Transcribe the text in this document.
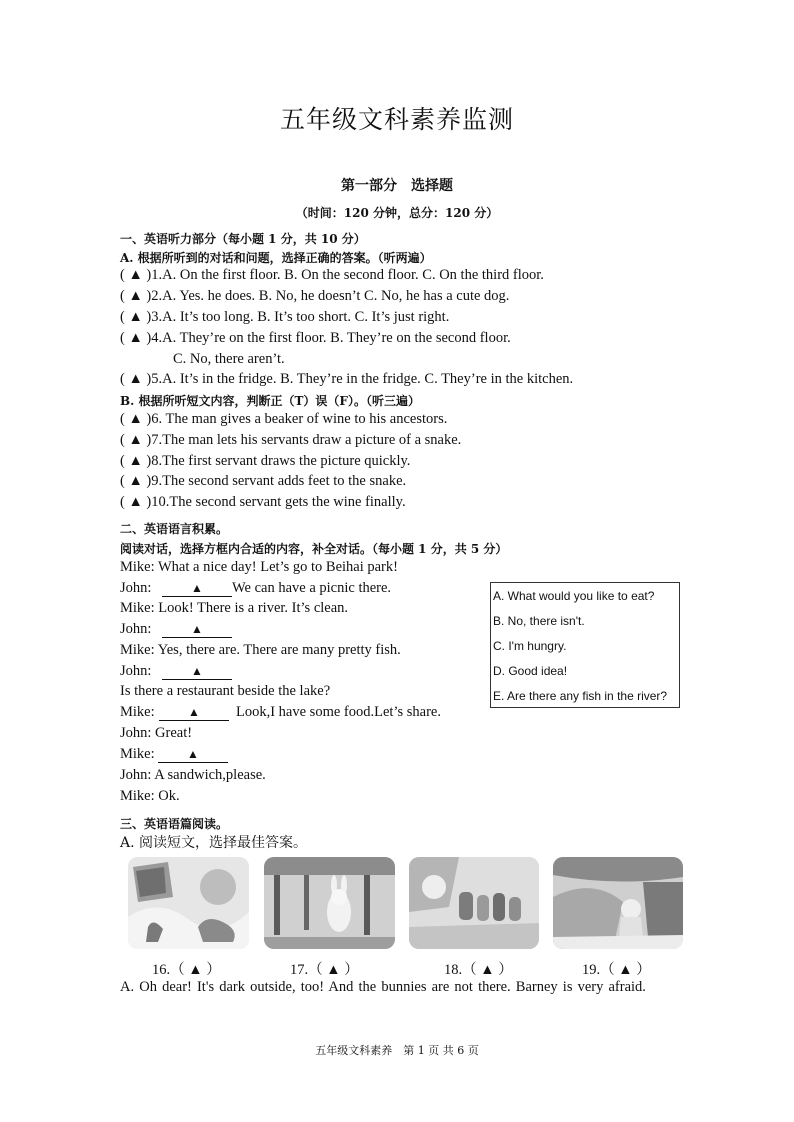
五年级文科素养监测
第一部分　选择题
（时间：120 分钟，总分：120 分）
一、英语听力部分（每小题 1 分，共 10 分）
A. 根据所听到的对话和问题，选择正确的答案。（听两遍）
( ▲ )1.A. On the first floor. B. On the second floor. C. On the third floor.
( ▲ )2.A. Yes. he does. B. No, he doesn’t C. No, he has a cute dog.
( ▲ )3.A. It’s too long. B. It’s too short. C. It’s just right.
( ▲ )4.A. They’re on the first floor. B. They’re on the second floor.
C. No, there aren’t.
( ▲ )5.A. It’s in the fridge. B. They’re in the fridge. C. They’re in the kitchen.
B. 根据所听短文内容，判断正（T）误（F）。（听三遍）
( ▲ )6. The man gives a beaker of wine to his ancestors.
( ▲ )7.The man lets his servants draw a picture of a snake.
( ▲ )8.The first servant draws the picture quickly.
( ▲ )9.The second servant adds feet to the snake.
( ▲ )10.The second servant gets the wine finally.
二、英语语言积累。
阅读对话，选择方框内合适的内容，补全对话。（每小题 1 分，共 5 分）
Mike: What a nice day! Let’s go to Beihai park!
John:	▲	We can have a picnic there.
Mike: Look! There is a river. It’s clean.
John:	▲
Mike: Yes, there are. There are many pretty fish.
John:	▲
Is there a restaurant beside the lake?
Mike:	▲	Look,I have some food.Let’s share.
John: Great!
Mike:	▲
John: A sandwich,please.
Mike: Ok.
A. What would you like to eat?
B. No, there isn't.
C. I'm hungry.
D. Good idea!
E. Are there any fish in the river?
三、英语语篇阅读。
A. 阅读短文，选择最佳答案。
16.（ ▲ ）	17.（ ▲ ）	18.（ ▲ ）	19.（ ▲ ）
A. Oh dear! It's dark outside, too! And the bunnies are not there. Barney is very afraid.
五年级文科素养　第 1 页 共 6 页
